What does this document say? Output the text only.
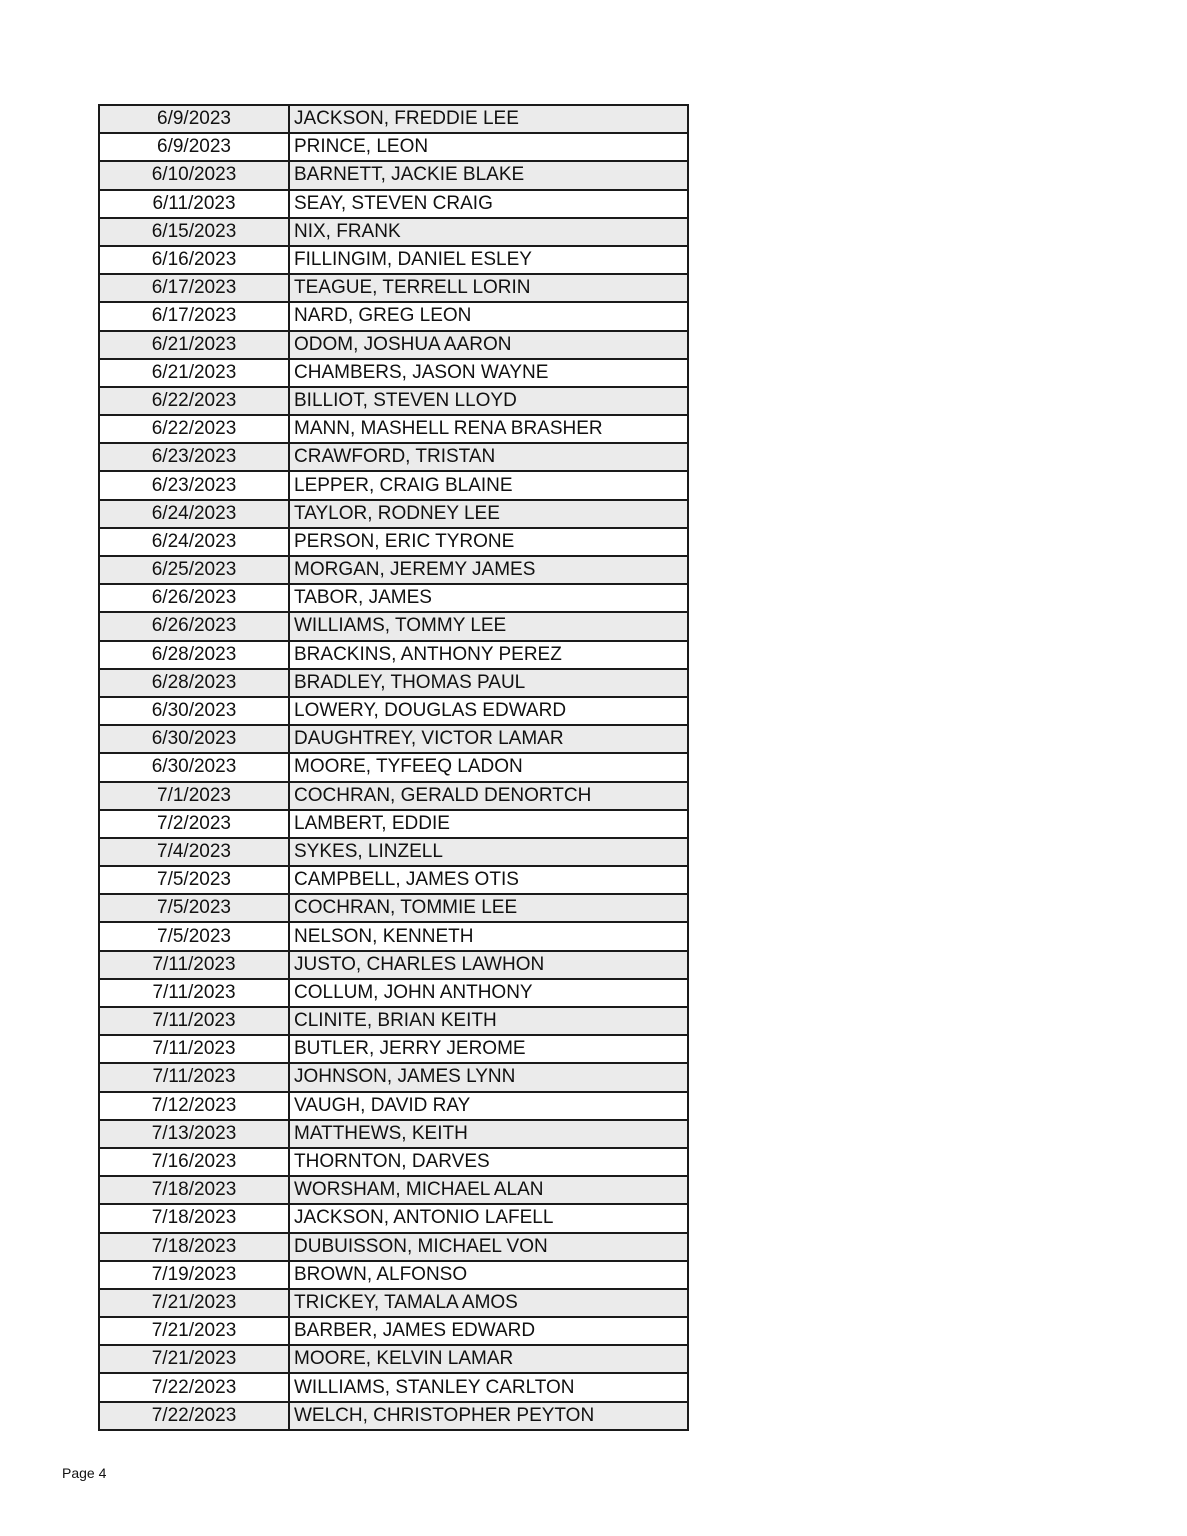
6/9/2023	JACKSON, FREDDIE LEE
6/9/2023	PRINCE, LEON
6/10/2023	BARNETT, JACKIE BLAKE
6/11/2023	SEAY, STEVEN CRAIG
6/15/2023	NIX, FRANK
6/16/2023	FILLINGIM, DANIEL ESLEY
6/17/2023	TEAGUE, TERRELL LORIN
6/17/2023	NARD, GREG LEON
6/21/2023	ODOM, JOSHUA AARON
6/21/2023	CHAMBERS, JASON WAYNE
6/22/2023	BILLIOT, STEVEN LLOYD
6/22/2023	MANN, MASHELL RENA BRASHER
6/23/2023	CRAWFORD, TRISTAN
6/23/2023	LEPPER, CRAIG BLAINE
6/24/2023	TAYLOR, RODNEY LEE
6/24/2023	PERSON, ERIC TYRONE
6/25/2023	MORGAN, JEREMY JAMES
6/26/2023	TABOR, JAMES
6/26/2023	WILLIAMS, TOMMY LEE
6/28/2023	BRACKINS, ANTHONY PEREZ
6/28/2023	BRADLEY, THOMAS PAUL
6/30/2023	LOWERY, DOUGLAS EDWARD
6/30/2023	DAUGHTREY, VICTOR LAMAR
6/30/2023	MOORE, TYFEEQ LADON
7/1/2023	COCHRAN, GERALD DENORTCH
7/2/2023	LAMBERT, EDDIE
7/4/2023	SYKES, LINZELL
7/5/2023	CAMPBELL, JAMES OTIS
7/5/2023	COCHRAN, TOMMIE LEE
7/5/2023	NELSON, KENNETH
7/11/2023	JUSTO, CHARLES LAWHON
7/11/2023	COLLUM, JOHN ANTHONY
7/11/2023	CLINITE, BRIAN KEITH
7/11/2023	BUTLER, JERRY JEROME
7/11/2023	JOHNSON, JAMES LYNN
7/12/2023	VAUGH, DAVID RAY
7/13/2023	MATTHEWS, KEITH
7/16/2023	THORNTON, DARVES
7/18/2023	WORSHAM, MICHAEL ALAN
7/18/2023	JACKSON, ANTONIO LAFELL
7/18/2023	DUBUISSON, MICHAEL VON
7/19/2023	BROWN, ALFONSO
7/21/2023	TRICKEY, TAMALA AMOS
7/21/2023	BARBER, JAMES EDWARD
7/21/2023	MOORE, KELVIN LAMAR
7/22/2023	WILLIAMS, STANLEY CARLTON
7/22/2023	WELCH, CHRISTOPHER PEYTON
Page 4
